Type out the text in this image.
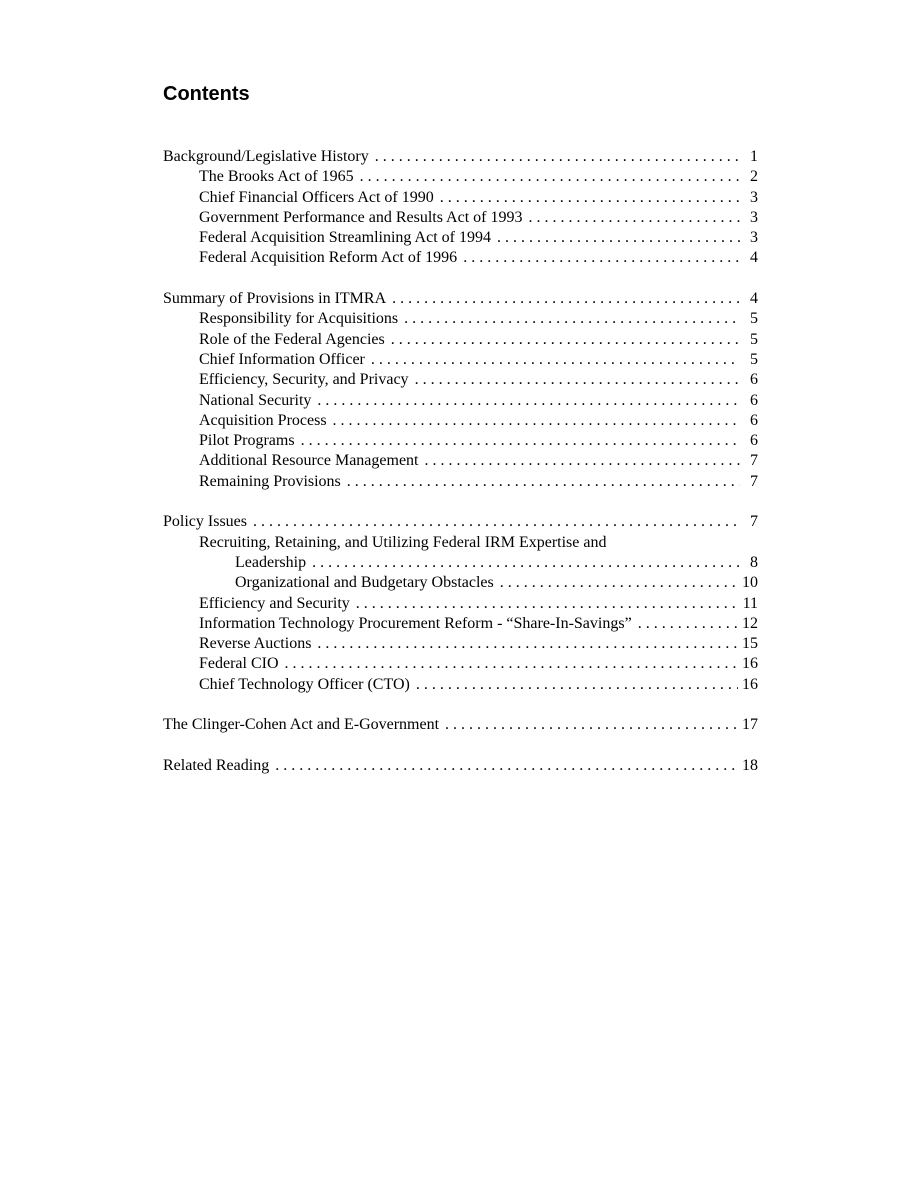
Contents
Background/Legislative History . . .	1
The Brooks Act of 1965 . . .	2
Chief Financial Officers Act of 1990 . . .	3
Government Performance and Results Act of 1993 . . .	3
Federal Acquisition Streamlining Act of 1994 . . .	3
Federal Acquisition Reform Act of 1996 . . .	4
Summary of Provisions in ITMRA . . .	4
Responsibility for Acquisitions . . .	5
Role of the Federal Agencies . . .	5
Chief Information Officer . . .	5
Efficiency, Security, and Privacy . . .	6
National Security . . .	6
Acquisition Process . . .	6
Pilot Programs . . .	6
Additional Resource Management . . .	7
Remaining Provisions . . .	7
Policy Issues . . .	7
Recruiting, Retaining, and Utilizing Federal IRM Expertise and
Leadership . . .	8
Organizational and Budgetary Obstacles . . .	10
Efficiency and Security . . .	11
Information Technology Procurement Reform - “Share-In-Savings” . . .	12
Reverse Auctions . . .	15
Federal CIO . . .	16
Chief Technology Officer (CTO) . . .	16
The Clinger-Cohen Act and E-Government . . .	17
Related Reading . . .	18
